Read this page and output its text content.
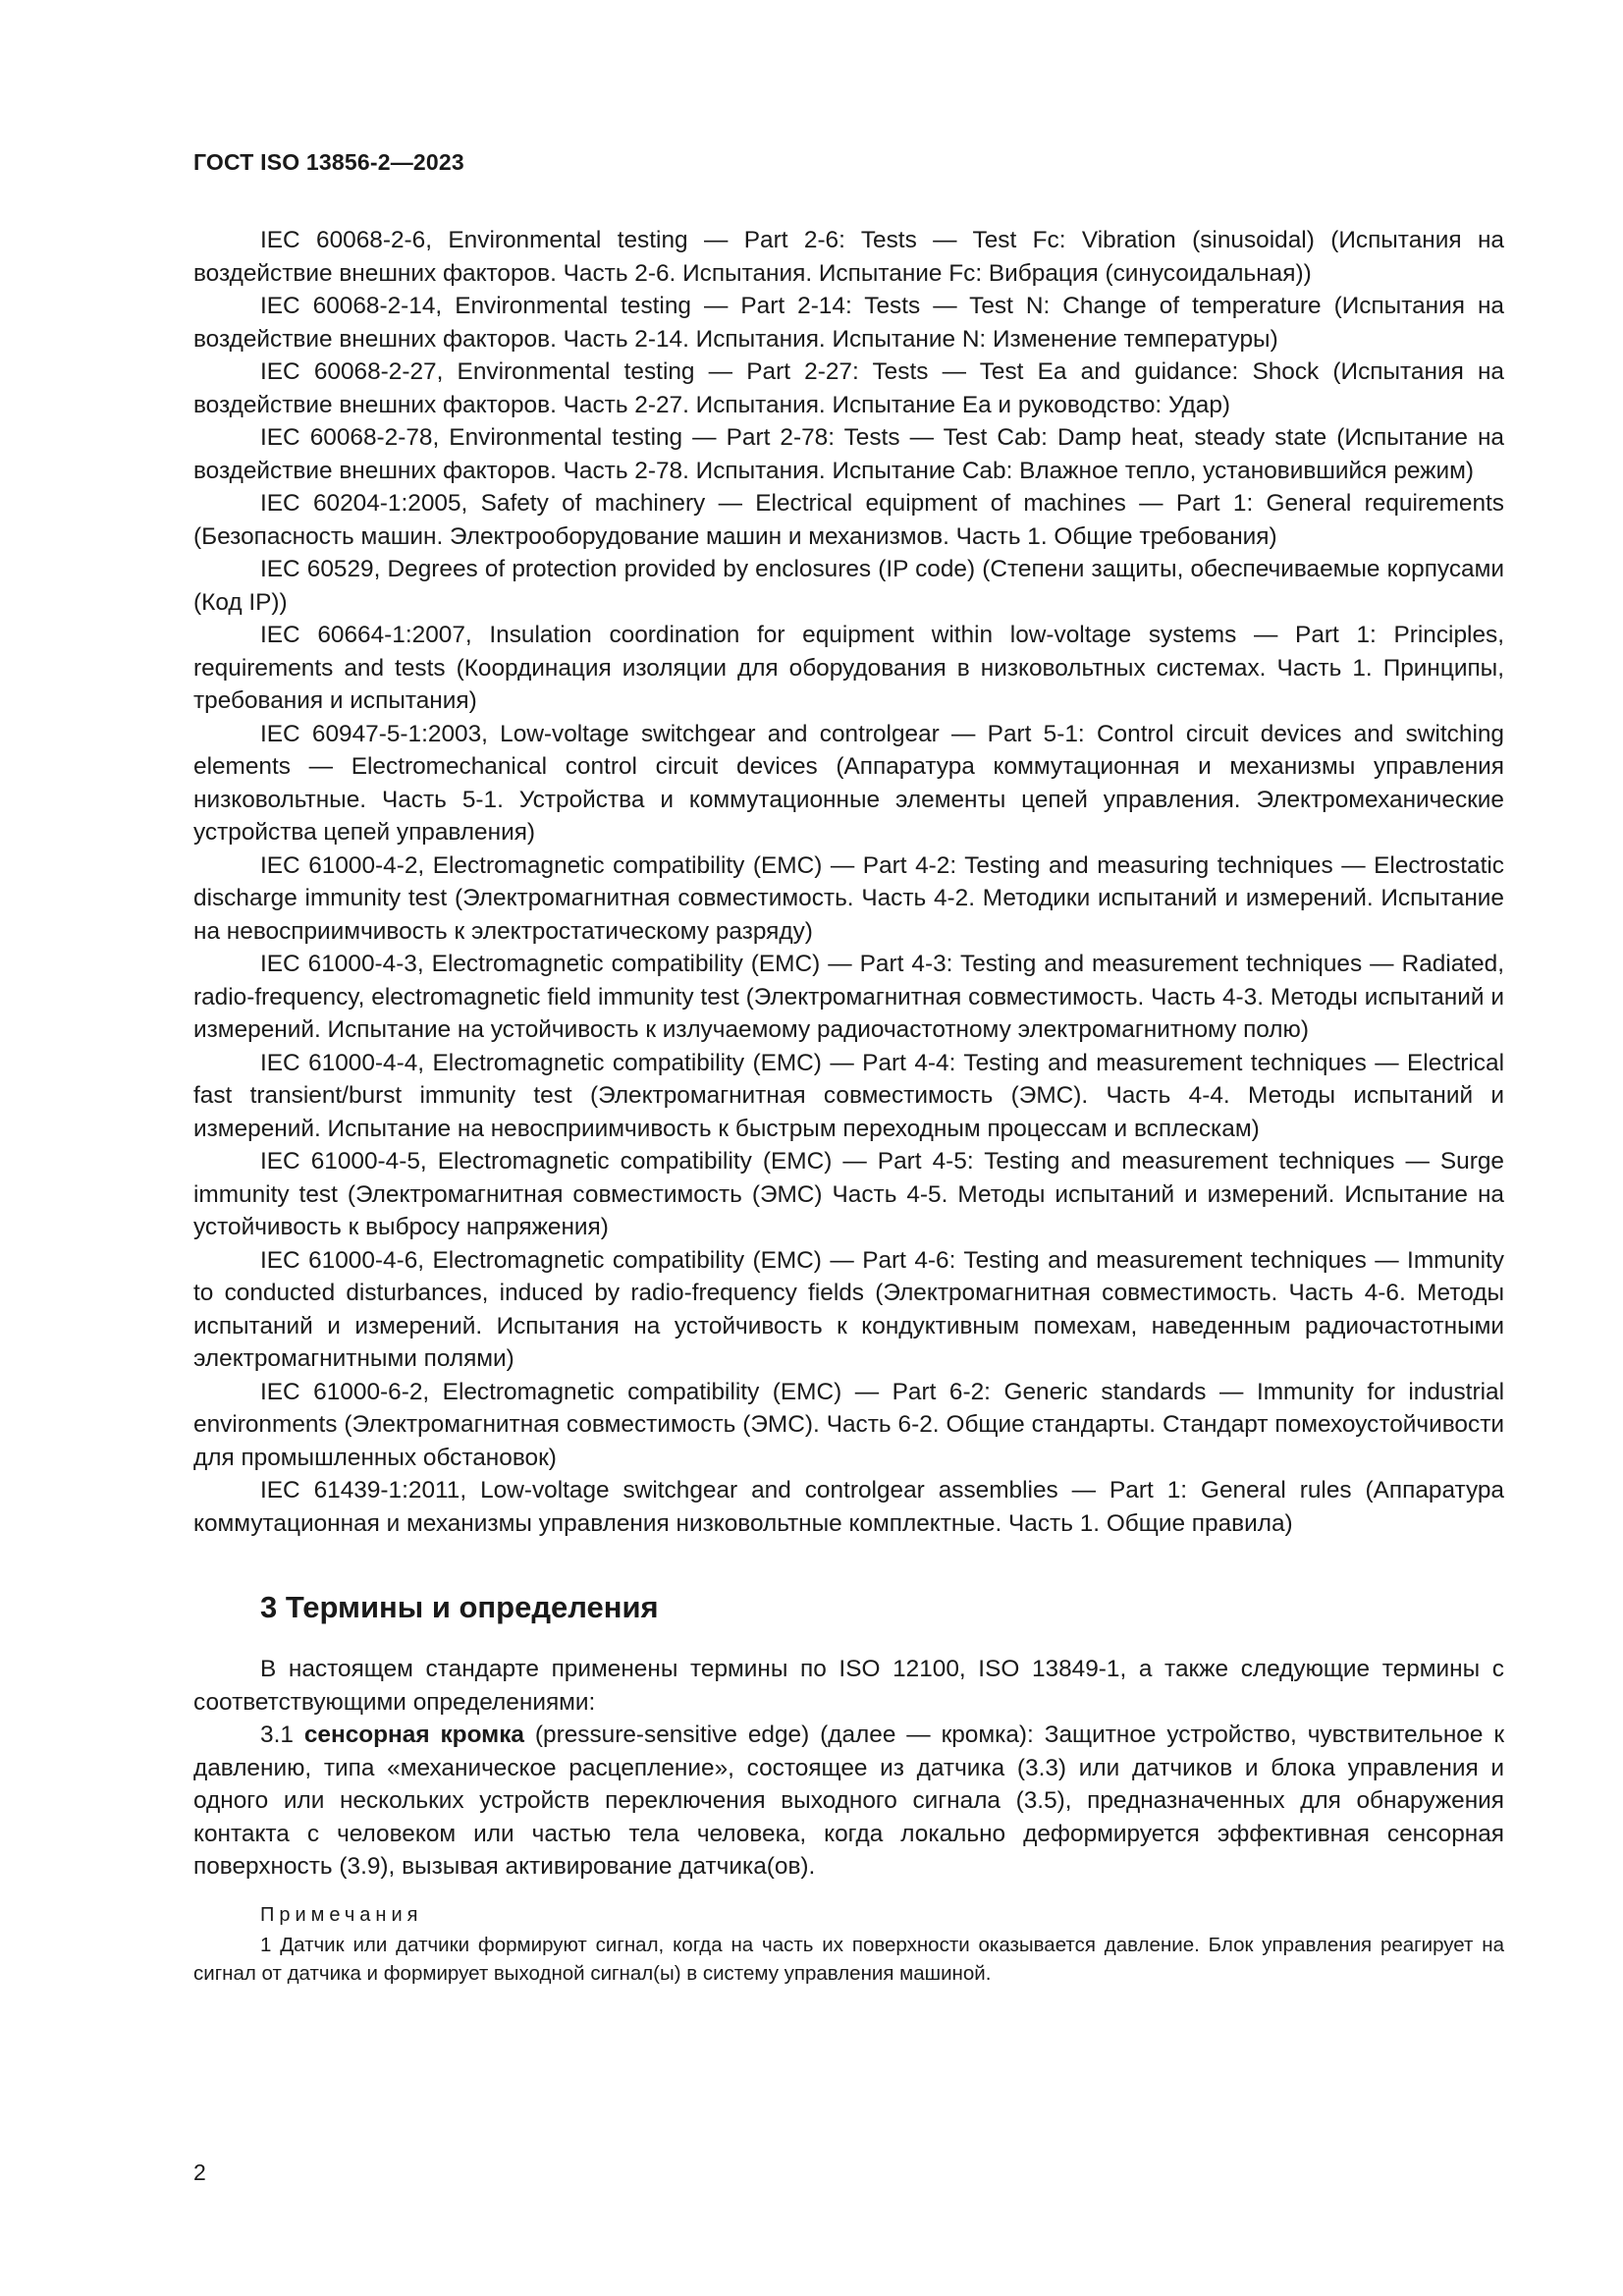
ГОСТ ISO 13856-2—2023

IEC 60068-2-6, Environmental testing — Part 2-6: Tests — Test Fc: Vibration (sinusoidal) (Испытания на воздействие внешних факторов. Часть 2-6. Испытания. Испытание Fc: Вибрация (синусоидальная))

IEC 60068-2-14, Environmental testing — Part 2-14: Tests — Test N: Change of temperature (Испытания на воздействие внешних факторов. Часть 2-14. Испытания. Испытание N: Изменение температуры)

IEC 60068-2-27, Environmental testing — Part 2-27: Tests — Test Ea and guidance: Shock (Испытания на воздействие внешних факторов. Часть 2-27. Испытания. Испытание Ea и руководство: Удар)

IEC 60068-2-78, Environmental testing — Part 2-78: Tests — Test Cab: Damp heat, steady state (Испытание на воздействие внешних факторов. Часть 2-78. Испытания. Испытание Cab: Влажное тепло, установившийся режим)

IEC 60204-1:2005, Safety of machinery — Electrical equipment of machines — Part 1: General requirements (Безопасность машин. Электрооборудование машин и механизмов. Часть 1. Общие требования)

IEC 60529, Degrees of protection provided by enclosures (IP code) (Степени защиты, обеспечиваемые корпусами (Код IP))

IEC 60664-1:2007, Insulation coordination for equipment within low-voltage systems — Part 1: Principles, requirements and tests (Координация изоляции для оборудования в низковольтных системах. Часть 1. Принципы, требования и испытания)

IEC 60947-5-1:2003, Low-voltage switchgear and controlgear — Part 5-1: Control circuit devices and switching elements — Electromechanical control circuit devices (Аппаратура коммутационная и механизмы управления низковольтные. Часть 5-1. Устройства и коммутационные элементы цепей управления. Электромеханические устройства цепей управления)

IEC 61000-4-2, Electromagnetic compatibility (EMC) — Part 4-2: Testing and measuring techniques — Electrostatic discharge immunity test (Электромагнитная совместимость. Часть 4-2. Методики испытаний и измерений. Испытание на невосприимчивость к электростатическому разряду)

IEC 61000-4-3, Electromagnetic compatibility (EMC) — Part 4-3: Testing and measurement techniques — Radiated, radio-frequency, electromagnetic field immunity test (Электромагнитная совместимость. Часть 4-3. Методы испытаний и измерений. Испытание на устойчивость к излучаемому радиочастотному электромагнитному полю)

IEC 61000-4-4, Electromagnetic compatibility (EMC) — Part 4-4: Testing and measurement techniques — Electrical fast transient/burst immunity test (Электромагнитная совместимость (ЭМС). Часть 4-4. Методы испытаний и измерений. Испытание на невосприимчивость к быстрым переходным процессам и всплескам)

IEC 61000-4-5, Electromagnetic compatibility (EMC) — Part 4-5: Testing and measurement techniques — Surge immunity test (Электромагнитная совместимость (ЭМС) Часть 4-5. Методы испытаний и измерений. Испытание на устойчивость к выбросу напряжения)

IEC 61000-4-6, Electromagnetic compatibility (EMC) — Part 4-6: Testing and measurement techniques — Immunity to conducted disturbances, induced by radio-frequency fields (Электромагнитная совместимость. Часть 4-6. Методы испытаний и измерений. Испытания на устойчивость к кондуктивным помехам, наведенным радиочастотными электромагнитными полями)

IEC 61000-6-2, Electromagnetic compatibility (EMC) — Part 6-2: Generic standards — Immunity for industrial environments (Электромагнитная совместимость (ЭМС). Часть 6-2. Общие стандарты. Стандарт помехоустойчивости для промышленных обстановок)

IEC 61439-1:2011, Low-voltage switchgear and controlgear assemblies — Part 1: General rules (Аппаратура коммутационная и механизмы управления низковольтные комплектные. Часть 1. Общие правила)

3 Термины и определения

В настоящем стандарте применены термины по ISO 12100, ISO 13849-1, а также следующие термины с соответствующими определениями:

3.1 сенсорная кромка (pressure-sensitive edge) (далее — кромка): Защитное устройство, чувствительное к давлению, типа «механическое расцепление», состоящее из датчика (3.3) или датчиков и блока управления и одного или нескольких устройств переключения выходного сигнала (3.5), предназначенных для обнаружения контакта с человеком или частью тела человека, когда локально деформируется эффективная сенсорная поверхность (3.9), вызывая активирование датчика(ов).

Примечания

1 Датчик или датчики формируют сигнал, когда на часть их поверхности оказывается давление. Блок управления реагирует на сигнал от датчика и формирует выходной сигнал(ы) в систему управления машиной.

2
